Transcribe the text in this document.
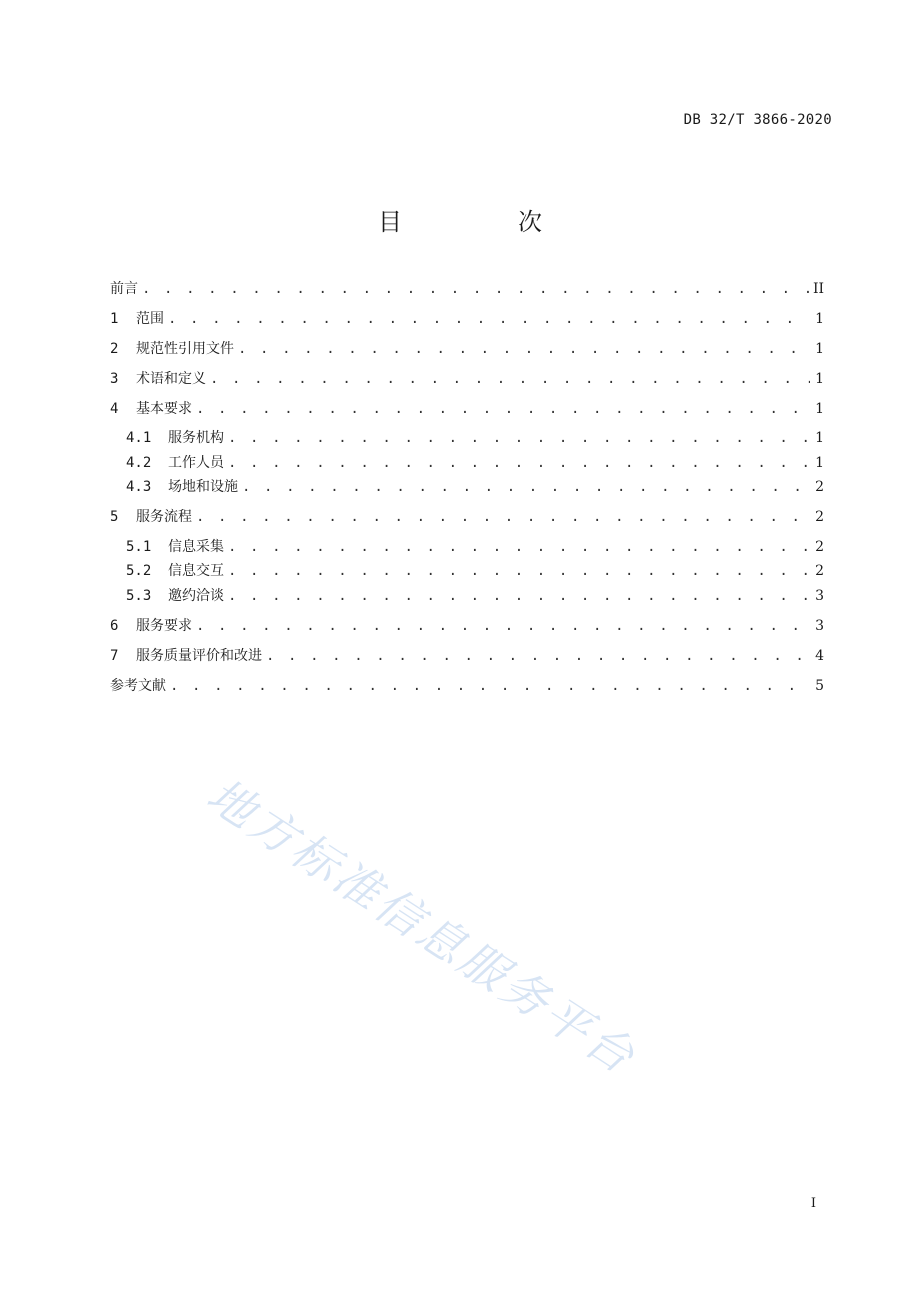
DB 32/T 3866-2020
目　次
前言 . . .	II
1	范围 . . .	1
2	规范性引用文件 . . .	1
3	术语和定义 . . .	1
4	基本要求 . . .	1
4.1	服务机构 . . .	1
4.2	工作人员 . . .	1
4.3	场地和设施 . . .	2
5	服务流程 . . .	2
5.1	信息采集 . . .	2
5.2	信息交互 . . .	2
5.3	邀约洽谈 . . .	3
6	服务要求 . . .	3
7	服务质量评价和改进 . . .	4
参考文献 . . .	5
地方标准信息服务平台
I
